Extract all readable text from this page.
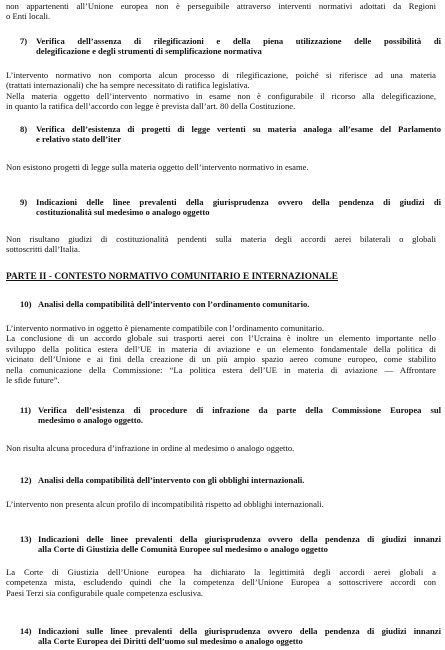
non appartenenti all’Unione europea non è perseguibile attraverso interventi normativi adottati da Regioni
o Enti locali.
7)	Verifica dell’assenza di rilegificazioni e della piena utilizzazione delle possibilità di
delegificazione e degli strumenti di semplificazione normativa
L’intervento normativo non comporta alcun processo di rilegificazione, poiché si riferisce ad una materia
(trattati internazionali) che ha sempre necessitato di ratifica legislativa.
Nella materia oggetto dell’intervento normativo in esame non è configurabile il ricorso alla delegificazione,
in quanto la ratifica dell’accordo con legge è prevista dall’art. 80 della Costituzione.
8)	Verifica dell’esistenza di progetti di legge vertenti su materia analoga all’esame del Parlamento
e relativo stato dell’iter
Non esistono progetti di legge sulla materia oggetto dell’intervento normativo in esame.
9)	Indicazioni delle linee prevalenti della giurisprudenza ovvero della pendenza di giudizi di
costituzionalità sul medesimo o analogo oggetto
Non risultano giudizi di costituzionalità pendenti sulla materia degli accordi aerei bilaterali o globali
sottoscritti dall’Italia.
PARTE II - CONTESTO NORMATIVO COMUNITARIO E INTERNAZIONALE
10) Analisi della compatibilità dell’intervento con l’ordinamento comunitario.
L’intervento normativo in oggetto è pienamente compatibile con l’ordinamento comunitario.
La conclusione di un accordo globale sui trasporti aerei con l’Ucraina è inoltre un elemento importante nello
sviluppo della politica estera dell’UE in materia di aviazione e un elemento fondamentale della politica di
vicinato dell’Unione e ai fini della creazione di un più ampio spazio aereo comune europeo, come stabilito
nella comunicazione della Commissione: “La politica estera dell’UE in materia di aviazione — Affrontare
le sfide future”.
11) Verifica dell’esistenza di procedure di infrazione da parte della Commissione Europea sul
medesimo o analogo oggetto.
Non risulta alcuna procedura d’infrazione in ordine al medesimo o analogo oggetto.
12) Analisi della compatibilità dell’intervento con gli obblighi internazionali.
L’intervento non presenta alcun profilo di incompatibilità rispetto ad obblighi internazionali.
13) Indicazioni delle linee prevalenti della giurisprudenza ovvero della pendenza di giudizi innanzi
alla Corte di Giustizia delle Comunità Europee sul medesimo o analogo oggetto
La Corte di Giustizia dell’Unione europea ha dichiarato la legittimità degli accordi aerei globali a
competenza mista, escludendo quindi che la competenza dell’Unione Europea a sottoscrivere accordi con
Paesi Terzi sia configurabile quale competenza esclusiva.
14) Indicazioni sulle linee prevalenti della giurisprudenza ovvero della pendenza di giudizi innanzi
alla Corte Europea dei Diritti dell’uomo sul medesimo o analogo oggetto
